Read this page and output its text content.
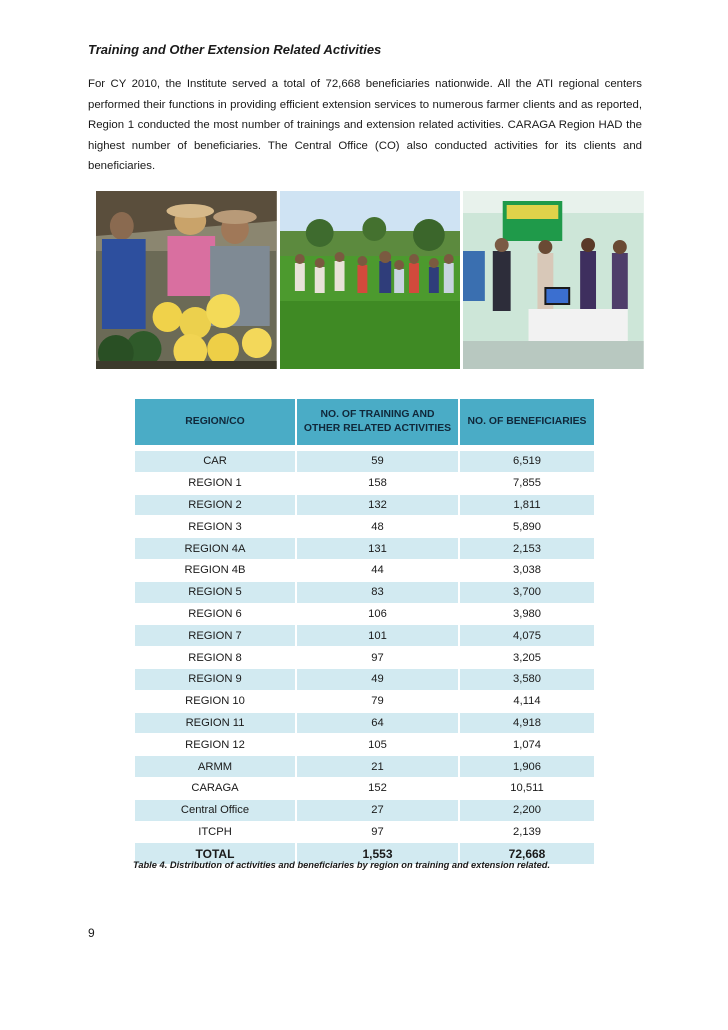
Training and Other Extension Related Activities
For CY 2010, the Institute served a total of 72,668 beneficiaries nationwide. All the ATI regional centers performed their functions in providing efficient extension services to numerous farmer clients and as reported, Region 1 conducted the most number of trainings and extension related activities. CARAGA Region HAD the highest number of beneficiaries. The Central Office (CO) also conducted activities for its clients and beneficiaries.
REGION/CO	NO. OF TRAINING AND OTHER RELATED ACTIVITIES	NO. OF BENEFICIARIES

CAR	59	6,519
REGION 1	158	7,855
REGION 2	132	1,811
REGION 3	48	5,890
REGION 4A	131	2,153
REGION 4B	44	3,038
REGION 5	83	3,700
REGION 6	106	3,980
REGION 7	101	4,075
REGION 8	97	3,205
REGION 9	49	3,580
REGION 10	79	4,114
REGION 11	64	4,918
REGION 12	105	1,074
ARMM	21	1,906
CARAGA	152	10,511
Central Office	27	2,200
ITCPH	97	2,139
TOTAL	1,553	72,668
Table 4. Distribution of activities and beneficiaries by region on training and extension related.
9
